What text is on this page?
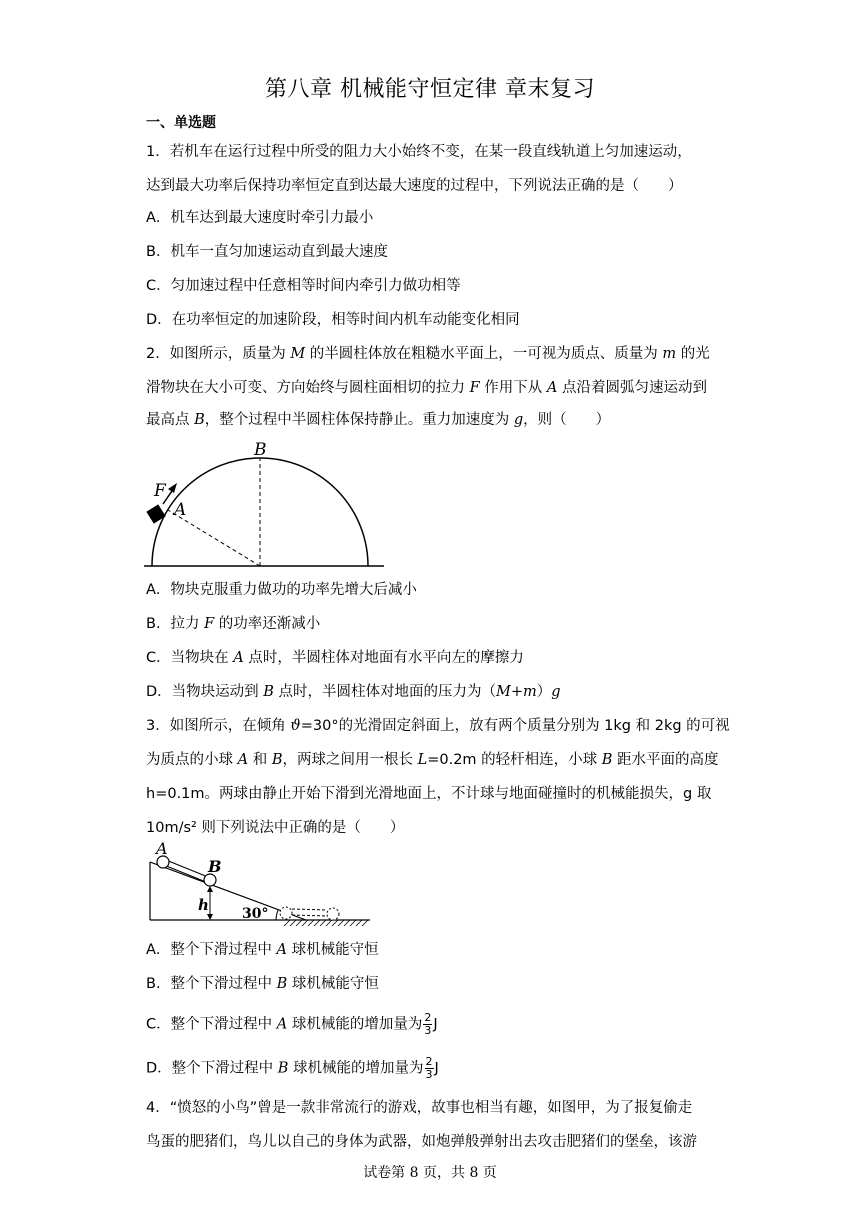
第八章 机械能守恒定律 章末复习
一、单选题
1．若机车在运行过程中所受的阻力大小始终不变，在某一段直线轨道上匀加速运动，
达到最大功率后保持功率恒定直到达最大速度的过程中，下列说法正确的是（　　）
A．机车达到最大速度时牵引力最小
B．机车一直匀加速运动直到最大速度
C．匀加速过程中任意相等时间内牵引力做功相等
D．在功率恒定的加速阶段，相等时间内机车动能变化相同
2．如图所示，质量为 M 的半圆柱体放在粗糙水平面上，一可视为质点、质量为 m 的光
滑物块在大小可变、方向始终与圆柱面相切的拉力 F 作用下从 A 点沿着圆弧匀速运动到
最高点 B，整个过程中半圆柱体保持静止。重力加速度为 g，则（　　）
B
F
A
A．物块克服重力做功的功率先增大后减小
B．拉力 F 的功率还渐减小
C．当物块在 A 点时，半圆柱体对地面有水平向左的摩擦力
D．当物块运动到 B 点时，半圆柱体对地面的压力为（M+m）g
3．如图所示，在倾角 ϑ=30°的光滑固定斜面上，放有两个质量分别为 1kg 和 2kg 的可视
为质点的小球 A 和 B，两球之间用一根长 L=0.2m 的轻杆相连，小球 B 距水平面的高度
h=0.1m。两球由静止开始下滑到光滑地面上，不计球与地面碰撞时的机械能损失，g 取
10m/s² 则下列说法中正确的是（　　）
A
B
h 30°
A．整个下滑过程中 A 球机械能守恒
B．整个下滑过程中 B 球机械能守恒
C．整个下滑过程中 A 球机械能的增加量为 $\frac{2}{3}$ J
D．整个下滑过程中 B 球机械能的增加量为 $\frac{2}{3}$ J
4．“愤怒的小鸟”曾是一款非常流行的游戏，故事也相当有趣，如图甲，为了报复偷走
鸟蛋的肥猪们，鸟儿以自己的身体为武器，如炮弹般弹射出去攻击肥猪们的堡垒，该游
试卷第 8 页，共 8 页
